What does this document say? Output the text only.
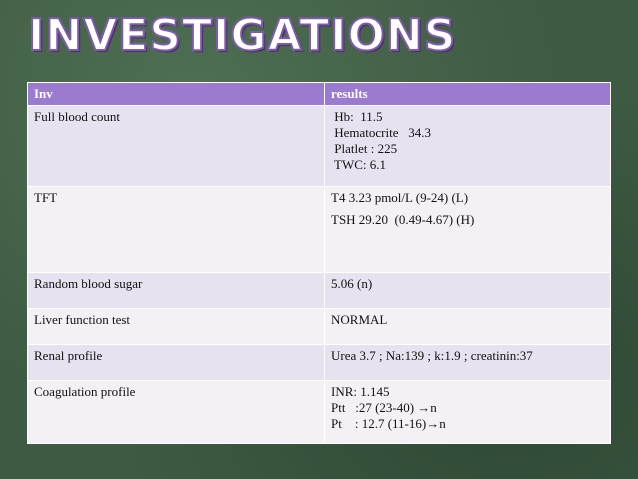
INVESTIGATIONS
Inv	results
Full blood count	Hb:  11.5
Hematocrite   34.3
Platlet : 225
TWC: 6.1

TFT	T4 3.23 pmol/L (9-24) (L)
TSH 29.20  (0.49-4.67) (H)

Random blood sugar	5.06 (n)

Liver function test	NORMAL

Renal profile	Urea 3.7 ; Na:139 ; k:1.9 ; creatinin:37

Coagulation profile	INR: 1.145
Ptt   :27 (23-40) →n
Pt    : 12.7 (11-16)→n
